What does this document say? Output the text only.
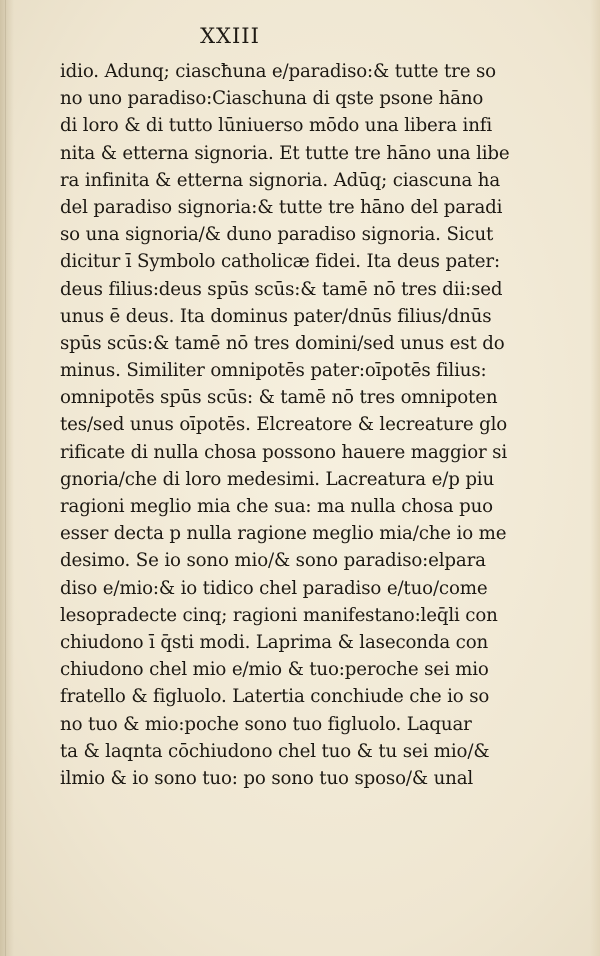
XXIII
idio. Adunq; ciascħuna e/paradiso:& tutte tre so
no uno paradiso:Ciaschuna di qste psone hāno
di loro & di tutto lūniuerso mōdo una libera infi
nita & etterna signoria. Et tutte tre hāno una libe
ra infinita & etterna signoria. Adūq; ciascuna ha
del paradiso signoria:& tutte tre hāno del paradi
so una signoria/& duno paradiso signoria. Sicut
dicitur ī Symbolo catholicæ fidei. Ita deus pater:
deus filius:deus spūs scūs:& tamē nō tres dii:sed
unus ē deus. Ita dominus pater/dnūs filius/dnūs
spūs scūs:& tamē nō tres domini/sed unus est do
minus. Similiter omnipotēs pater:oīpotēs filius:
omnipotēs spūs scūs: & tamē nō tres omnipoten
tes/sed unus oīpotēs. Elcreatore & lecreature glo
rificate di nulla chosa possono hauere maggior si
gnoria/che di loro medesimi. Lacreatura e/p piu
ragioni meglio mia che sua: ma nulla chosa puo
esser decta p nulla ragione meglio mia/che io me
desimo. Se io sono mio/& sono paradiso:elpara
diso e/mio:& io tidico chel paradiso e/tuo/come
lesopradecte cinq; ragioni manifestano:leq̄li con
chiudono ī q̄sti modi. Laprima & laseconda con
chiudono chel mio e/mio & tuo:peroche sei mio
fratello & figluolo. Latertia conchiude che io so
no tuo & mio:poche sono tuo figluolo. Laquar
ta & laqnta cōchiudono chel tuo & tu sei mio/&
ilmio & io sono tuo: po sono tuo sposo/& unal
